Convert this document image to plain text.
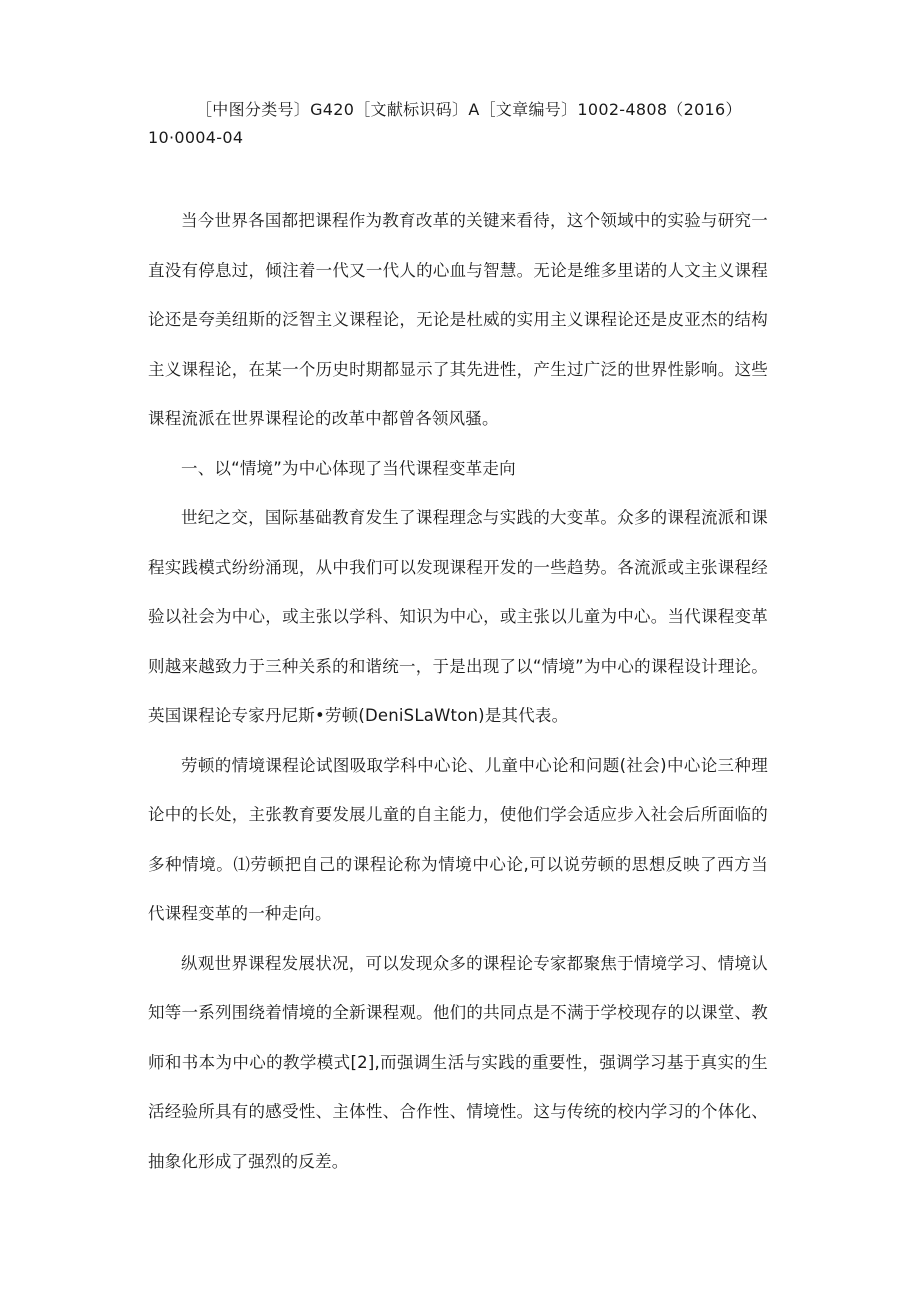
［中图分类号〕G420［文献标识码〕A［文章编号〕1002-4808（2016）
10·0004-04

当今世界各国都把课程作为教育改革的关键来看待，这个领域中的实验与研究一直没有停息过，倾注着一代又一代人的心血与智慧。无论是维多里诺的人文主义课程论还是夸美纽斯的泛智主义课程论，无论是杜威的实用主义课程论还是皮亚杰的结构主义课程论，在某一个历史时期都显示了其先进性，产生过广泛的世界性影响。这些课程流派在世界课程论的改革中都曾各领风骚。

一、以“情境”为中心体现了当代课程变革走向

世纪之交，国际基础教育发生了课程理念与实践的大变革。众多的课程流派和课程实践模式纷纷涌现，从中我们可以发现课程开发的一些趋势。各流派或主张课程经验以社会为中心，或主张以学科、知识为中心，或主张以儿童为中心。当代课程变革则越来越致力于三种关系的和谐统一，于是出现了以“情境”为中心的课程设计理论。英国课程论专家丹尼斯•劳顿(DeniSLaWton)是其代表。

劳顿的情境课程论试图吸取学科中心论、儿童中心论和问题(社会)中心论三种理论中的长处，主张教育要发展儿童的自主能力，使他们学会适应步入社会后所面临的多种情境。⑴劳顿把自己的课程论称为情境中心论,可以说劳顿的思想反映了西方当代课程变革的一种走向。

纵观世界课程发展状况，可以发现众多的课程论专家都聚焦于情境学习、情境认知等一系列围绕着情境的全新课程观。他们的共同点是不满于学校现存的以课堂、教师和书本为中心的教学模式[2],而强调生活与实践的重要性，强调学习基于真实的生活经验所具有的感受性、主体性、合作性、情境性。这与传统的校内学习的个体化、抽象化形成了强烈的反差。
